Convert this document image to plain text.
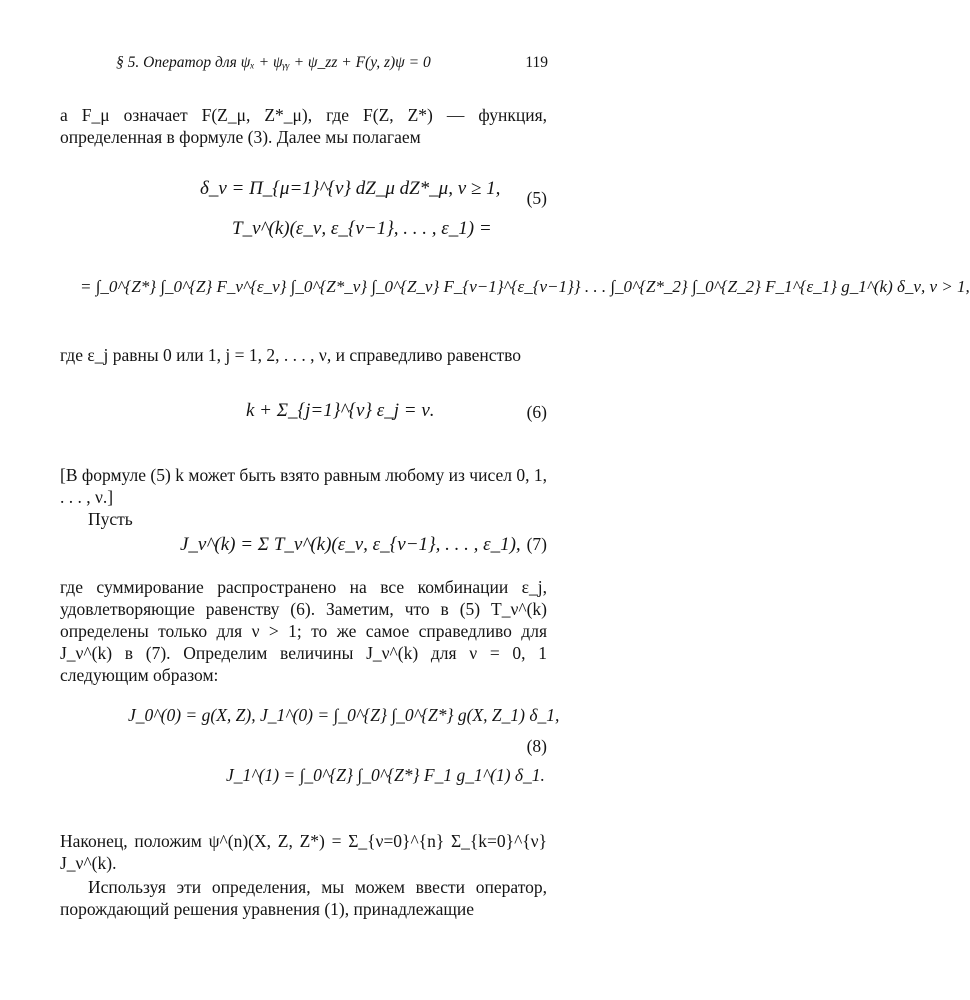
§ 5. Оператор для ψₓ + ψᵧᵧ + ψ_zz + F(y, z)ψ = 0	119
а F_μ означает F(Z_μ, Z*_μ), где F(Z, Z*) — функция, определенная в формуле (3). Далее мы полагаем
δ_ν = Π_{μ=1}^{ν} dZ_μ dZ*_μ, ν ≥ 1,
T_ν^(k)(ε_ν, ε_{ν−1}, . . . , ε_1) =
= ∫_0^{Z*} ∫_0^{Z} F_ν^{ε_ν} ∫_0^{Z*_ν} ∫_0^{Z_ν} F_{ν−1}^{ε_{ν−1}} . . . ∫_0^{Z*_2} ∫_0^{Z_2} F_1^{ε_1} g_1^(k) δ_ν, ν > 1,
(5)
где ε_j равны 0 или 1, j = 1, 2, . . . , ν, и справедливо равенство
k + Σ_{j=1}^{ν} ε_j = ν.	(6)
[В формуле (5) k может быть взято равным любому из чисел 0, 1, . . . , ν.]
Пусть
J_ν^(k) = Σ T_ν^(k)(ε_ν, ε_{ν−1}, . . . , ε_1), (7)
где суммирование распространено на все комбинации ε_j, удовлетворяющие равенству (6). Заметим, что в (5) T_ν^(k) определены только для ν > 1; то же самое справедливо для J_ν^(k) в (7). Определим величины J_ν^(k) для ν = 0, 1 следующим образом:
J_0^(0) = g(X, Z), J_1^(0) = ∫_0^{Z} ∫_0^{Z*} g(X, Z_1) δ_1,
J_1^(1) = ∫_0^{Z} ∫_0^{Z*} F_1 g_1^(1) δ_1.
(8)
Наконец, положим ψ^(n)(X, Z, Z*) = Σ_{ν=0}^{n} Σ_{k=0}^{ν} J_ν^(k).
Используя эти определения, мы можем ввести оператор, порождающий решения уравнения (1), принадлежащие
